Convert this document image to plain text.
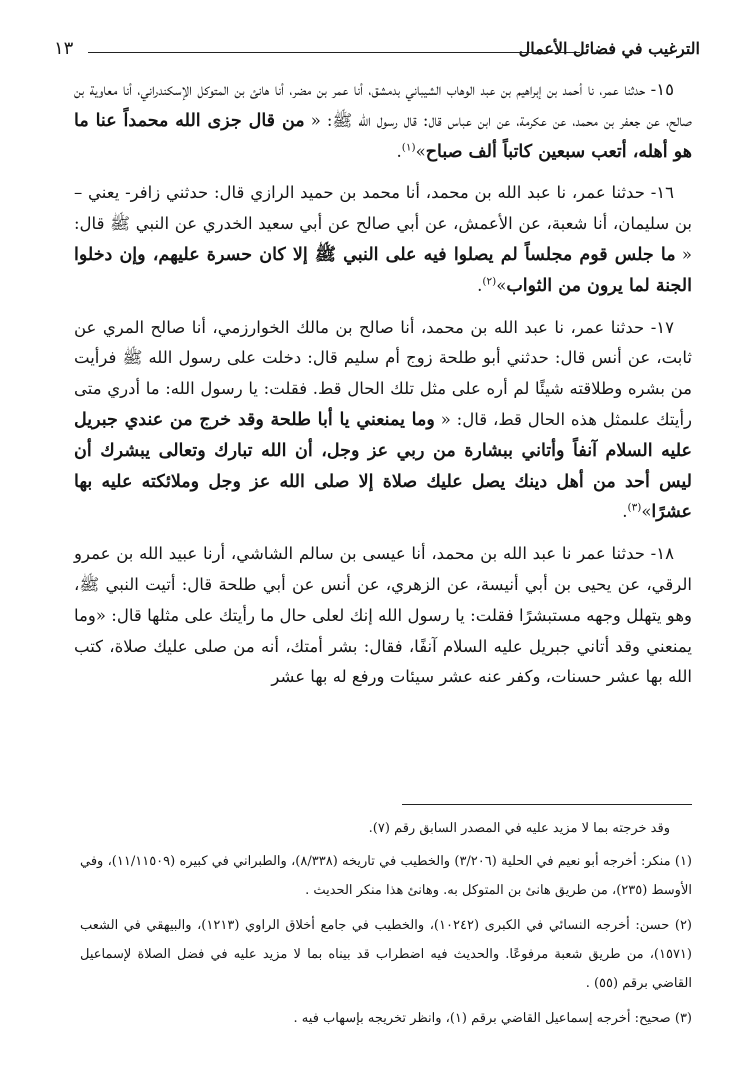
الترغيب في فضائل الأعمال
١٣

١٥- حدثنا عمر، نا أحمد بن إبراهيم بن عبد الوهاب الشيباني بدمشق، أنا عمر بن مضر، أنا هانئ بن المتوكل الإسكندراني، أنا معاوية بن صالح، عن جعفر بن محمد، عن عكرمة، عن ابن عباس قال: قال رسول الله ﷺ: « من قال جزى الله محمداً عنا ما هو أهله، أتعب سبعين كاتباً ألف صباح»$^{(١)}$.

١٦- حدثنا عمر، نا عبد الله بن محمد، أنا محمد بن حميد الرازي قال: حدثني زافر- يعني – بن سليمان، أنا شعبة، عن الأعمش، عن أبي صالح عن أبي سعيد الخدري عن النبي ﷺ قال: « ما جلس قوم مجلساً لم يصلوا فيه على النبي ﷺ إلا كان حسرة عليهم، وإن دخلوا الجنة لما يرون من الثواب»$^{(٢)}$.

١٧- حدثنا عمر، نا عبد الله بن محمد، أنا صالح بن مالك الخوارزمي، أنا صالح المري عن ثابت، عن أنس قال: حدثني أبو طلحة زوج أم سليم قال: دخلت على رسول الله ﷺ فرأيت من بشره وطلاقته شيئًا لم أره على مثل تلك الحال قط. فقلت: يا رسول الله: ما أدري متى رأيتك علىمثل هذه الحال قط، قال: « وما يمنعني يا أبا طلحة وقد خرج من عندي جبريل عليه السلام آنفاً وأتاني ببشارة من ربي عز وجل، أن الله تبارك وتعالى يبشرك أن ليس أحد من أهل دينك يصل عليك صلاة إلا صلى الله عز وجل وملائكته عليه بها عشرًا»$^{(٣)}$.

١٨- حدثنا عمر نا عبد الله بن محمد، أنا عيسى بن سالم الشاشي، أرنا عبيد الله بن عمرو الرقي، عن يحيى بن أبي أنيسة، عن الزهري، عن أنس عن أبي طلحة قال: أتيت النبي ﷺ، وهو يتهلل وجهه مستبشرًا فقلت: يا رسول الله إنك لعلى حال ما رأيتك على مثلها قال: «وما يمنعني وقد أتاني جبريل عليه السلام آنفًا، فقال: بشر أمتك، أنه من صلى عليك صلاة، كتب الله بها عشر حسنات، وكفر عنه عشر سيئات ورفع له بها عشر

وقد خرجته بما لا مزيد عليه في المصدر السابق رقم (٧).
(١) منكر: أخرجه أبو نعيم في الحلية (٣/٢٠٦) والخطيب في تاريخه (٨/٣٣٨)، والطبراني في كبيره (١١/١١٥٠٩)، وفي الأوسط (٢٣٥)، من طريق هانئ بن المتوكل به. وهانئ هذا منكر الحديث .
(٢) حسن: أخرجه النسائي في الكبرى (١٠٢٤٢)، والخطيب في جامع أخلاق الراوي (١٢١٣)، والبيهقي في الشعب (١٥٧١)، من طريق شعبة مرفوعًا. والحديث فيه اضطراب قد بيناه بما لا مزيد عليه في فضل الصلاة لإسماعيل القاضي برقم (٥٥) .
(٣) صحيح: أخرجه إسماعيل القاضي برقم (١)، وانظر تخريجه بإسهاب فيه .
